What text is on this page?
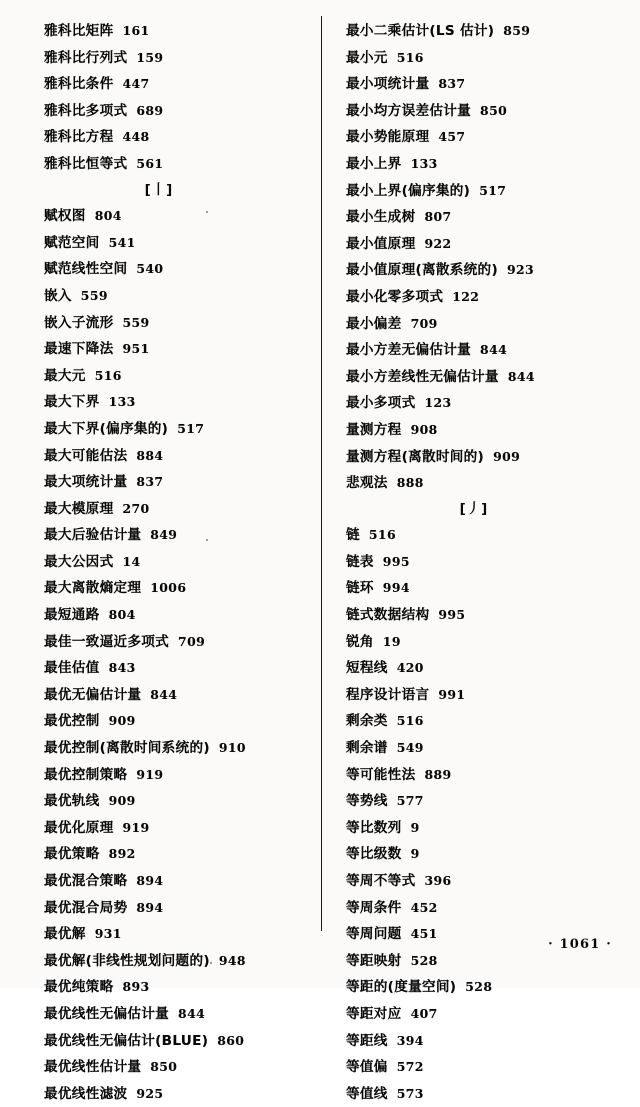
雅科比矩阵 161
雅科比行列式 159
雅科比条件 447
雅科比多项式 689
雅科比方程 448
雅科比恒等式 561
[丨]
赋权图 804
赋范空间 541
赋范线性空间 540
嵌入 559
嵌入子流形 559
最速下降法 951
最大元 516
最大下界 133
最大下界(偏序集的) 517
最大可能估法 884
最大项统计量 837
最大模原理 270
最大后验估计量 849
最大公因式 14
最大离散熵定理 1006
最短通路 804
最佳一致逼近多项式 709
最佳估值 843
最优无偏估计量 844
最优控制 909
最优控制(离散时间系统的) 910
最优控制策略 919
最优轨线 909
最优化原理 919
最优策略 892
最优混合策略 894
最优混合局势 894
最优解 931
最优解(非线性规划问题的) 948
最优纯策略 893
最优线性无偏估计量 844
最优线性无偏估计(BLUE) 860
最优线性估计量 850
最优线性滤波 925
最小二乘估计(LS 估计) 859
最小元 516
最小项统计量 837
最小均方误差估计量 850
最小势能原理 457
最小上界 133
最小上界(偏序集的) 517
最小生成树 807
最小值原理 922
最小值原理(离散系统的) 923
最小化零多项式 122
最小偏差 709
最小方差无偏估计量 844
最小方差线性无偏估计量 844
最小多项式 123
量测方程 908
量测方程(离散时间的) 909
悲观法 888
[丿]
链 516
链表 995
链环 994
链式数据结构 995
锐角 19
短程线 420
程序设计语言 991
剩余类 516
剩余谱 549
等可能性法 889
等势线 577
等比数列 9
等比级数 9
等周不等式 396
等周条件 452
等周问题 451
等距映射 528
等距的(度量空间) 528
等距对应 407
等距线 394
等值偏 572
等值线 573
· 1061 ·
